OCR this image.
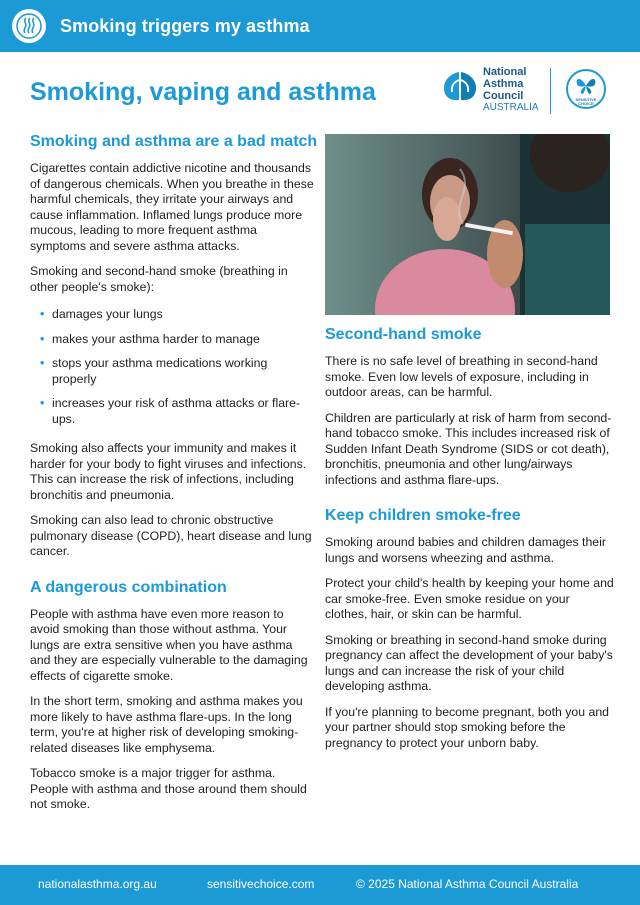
Smoking triggers my asthma
Smoking, vaping and asthma
National
Asthma
Council
AUSTRALIA
SENSITIVE
CHOICE
Smoking and asthma are a bad match

Cigarettes contain addictive nicotine and thousands of dangerous chemicals. When you breathe in these harmful chemicals, they irritate your airways and cause inflammation. Inflamed lungs produce more mucous, leading to more frequent asthma symptoms and severe asthma attacks.

Smoking and second-hand smoke (breathing in other people's smoke):

• damages your lungs
• makes your asthma harder to manage
• stops your asthma medications working properly
• increases your risk of asthma attacks or flare-ups.

Smoking also affects your immunity and makes it harder for your body to fight viruses and infections. This can increase the risk of infections, including bronchitis and pneumonia.

Smoking can also lead to chronic obstructive pulmonary disease (COPD), heart disease and lung cancer.

A dangerous combination

People with asthma have even more reason to avoid smoking than those without asthma. Your lungs are extra sensitive when you have asthma and they are especially vulnerable to the damaging effects of cigarette smoke.

In the short term, smoking and asthma makes you more likely to have asthma flare-ups. In the long term, you're at higher risk of developing smoking-related diseases like emphysema.

Tobacco smoke is a major trigger for asthma. People with asthma and those around them should not smoke.

Second-hand smoke

There is no safe level of breathing in second-hand smoke. Even low levels of exposure, including in outdoor areas, can be harmful.

Children are particularly at risk of harm from second-hand tobacco smoke. This includes increased risk of Sudden Infant Death Syndrome (SIDS or cot death), bronchitis, pneumonia and other lung/airways infections and asthma flare-ups.

Keep children smoke-free

Smoking around babies and children damages their lungs and worsens wheezing and asthma.

Protect your child's health by keeping your home and car smoke-free. Even smoke residue on your clothes, hair, or skin can be harmful.

Smoking or breathing in second-hand smoke during pregnancy can affect the development of your baby's lungs and can increase the risk of your child developing asthma.

If you're planning to become pregnant, both you and your partner should stop smoking before the pregnancy to protect your unborn baby.

nationalasthma.org.au	sensitivechoice.com	© 2025 National Asthma Council Australia
